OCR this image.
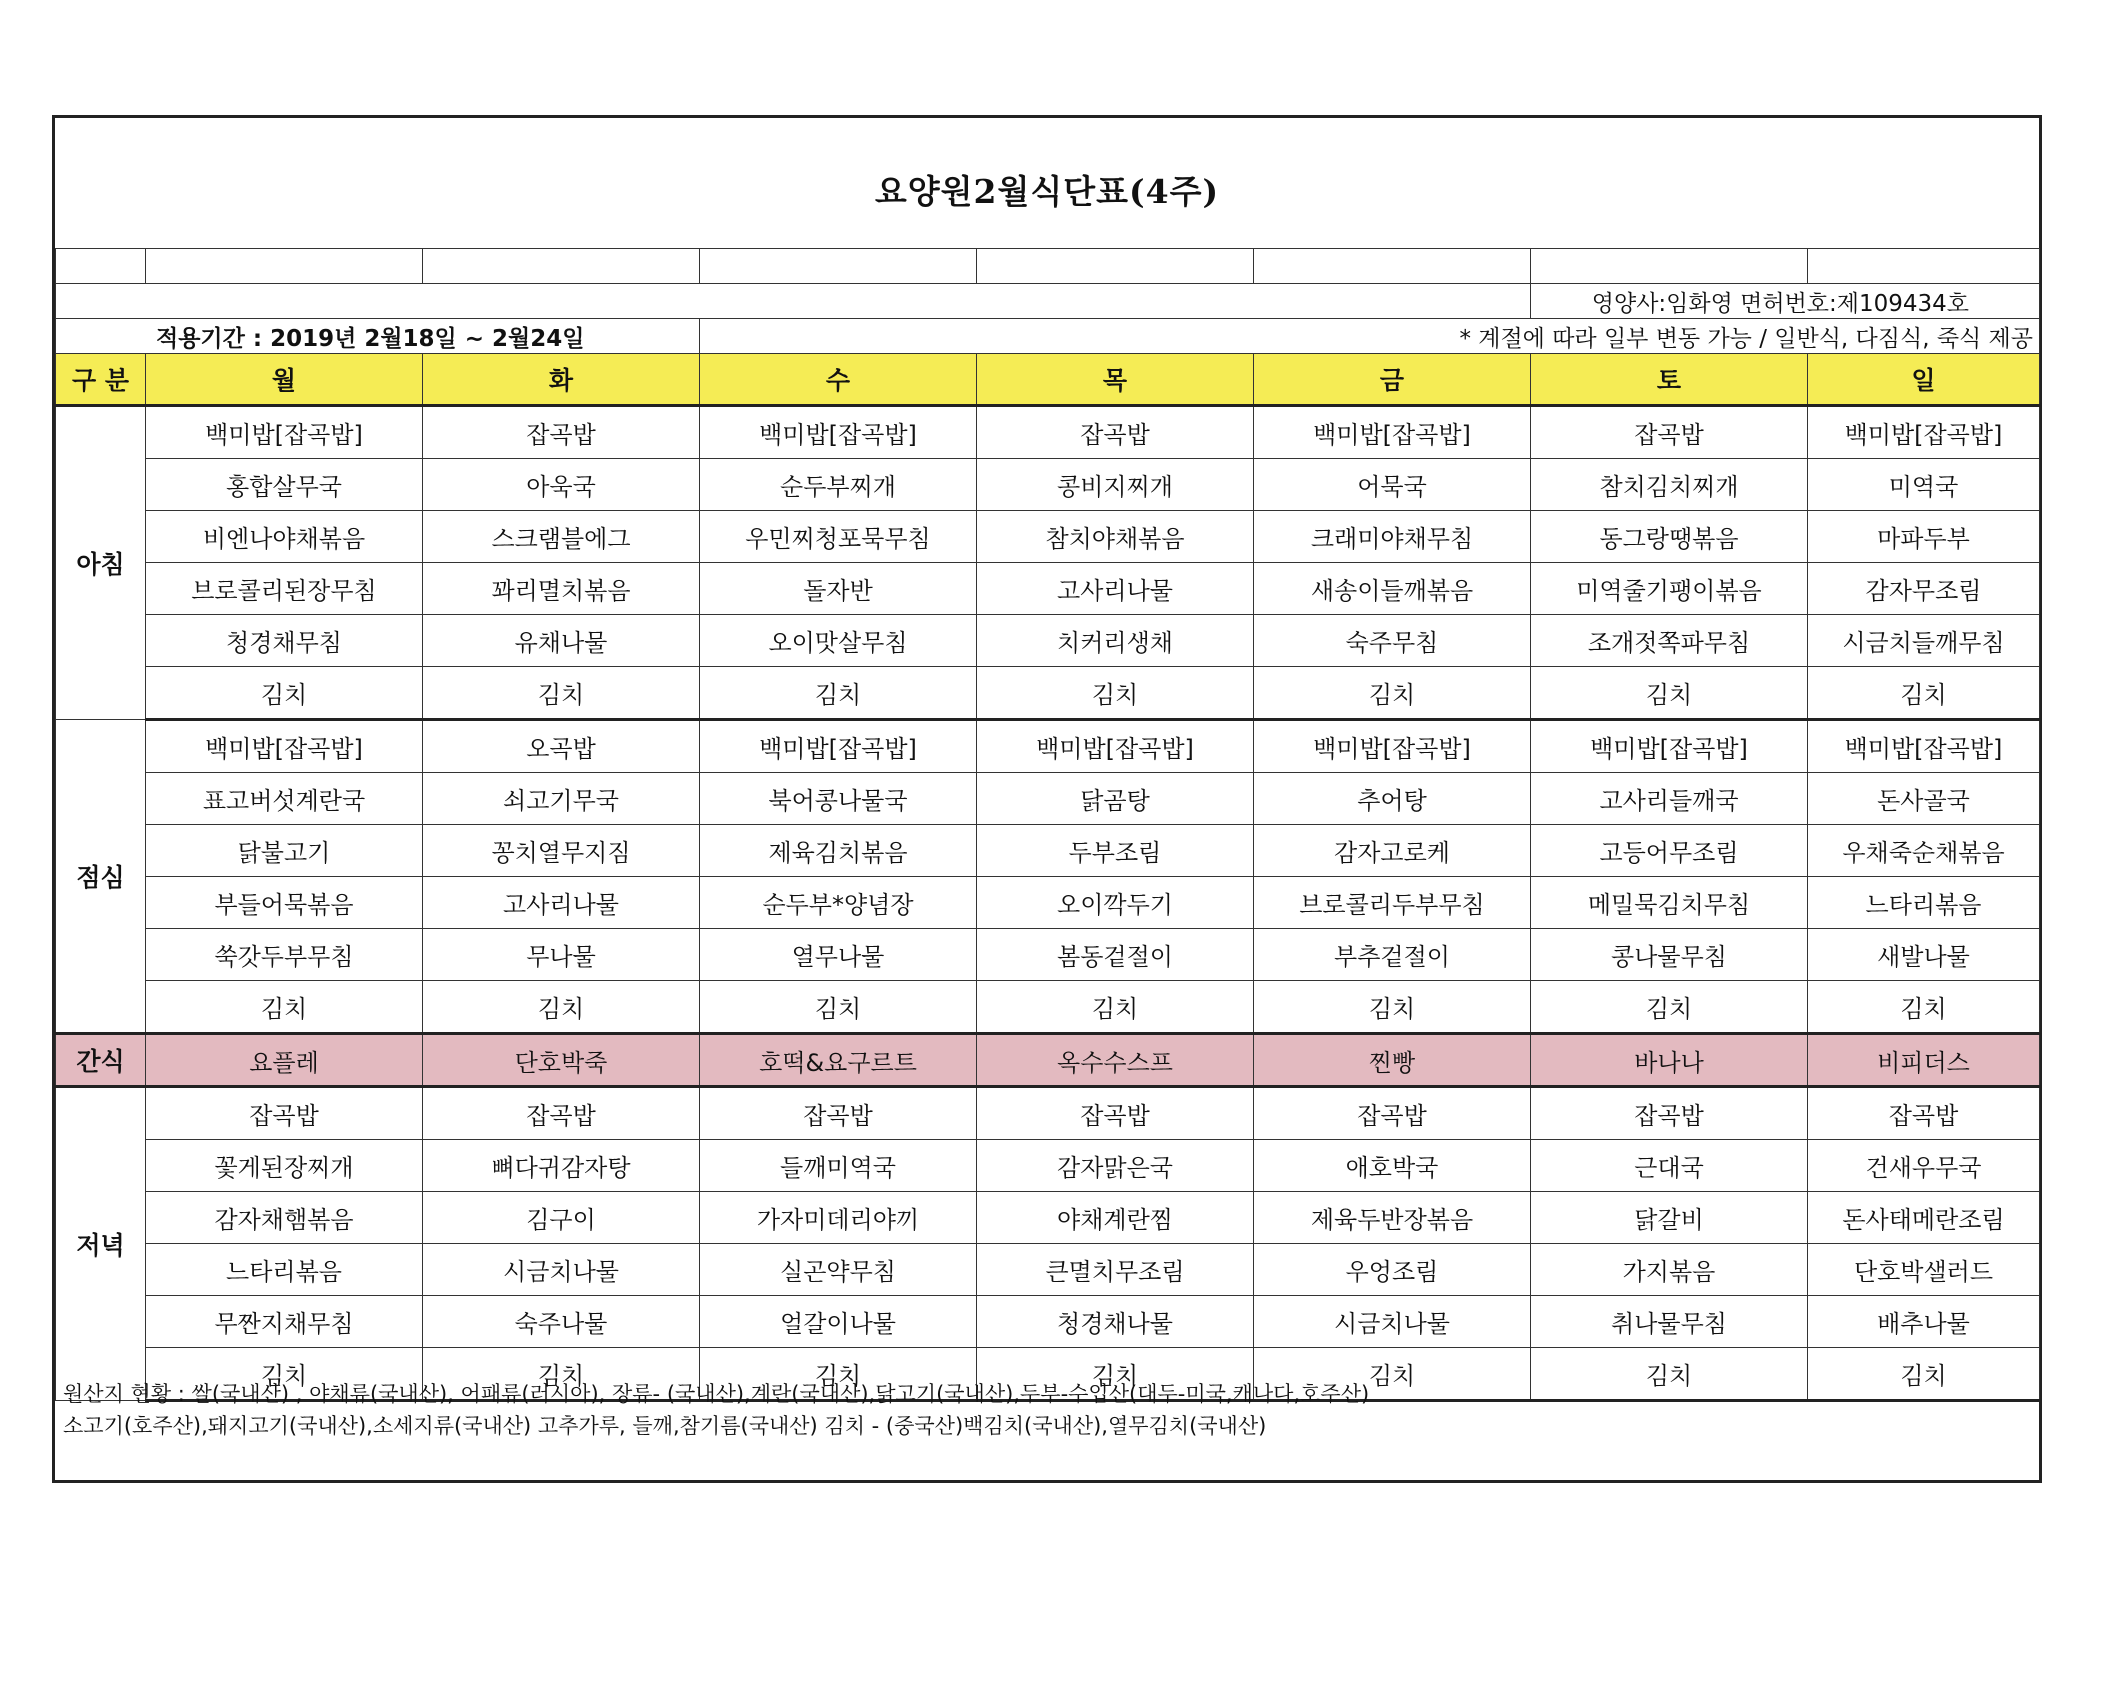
요양원2월식단표(4주)

						영양사:임화영 면허번호:제109434호	
적용기간 : 2019년 2월18일 ~ 2월24일			* 계절에 따라 일부 변동 가능 / 일반식, 다짐식, 죽식 제공				
구 분	월	화	수	목	금	토	일
아침	백미밥[잡곡밥]	잡곡밥	백미밥[잡곡밥]	잡곡밥	백미밥[잡곡밥]	잡곡밥	백미밥[잡곡밥]
	홍합살무국	아욱국	순두부찌개	콩비지찌개	어묵국	참치김치찌개	미역국
	비엔나야채볶음	스크램블에그	우민찌청포묵무침	참치야채볶음	크래미야채무침	동그랑땡볶음	마파두부
	브로콜리된장무침	꽈리멸치볶음	돌자반	고사리나물	새송이들깨볶음	미역줄기팽이볶음	감자무조림
	청경채무침	유채나물	오이맛살무침	치커리생채	숙주무침	조개젓쪽파무침	시금치들깨무침
	김치	김치	김치	김치	김치	김치	김치
점심	백미밥[잡곡밥]	오곡밥	백미밥[잡곡밥]	백미밥[잡곡밥]	백미밥[잡곡밥]	백미밥[잡곡밥]	백미밥[잡곡밥]
	표고버섯계란국	쇠고기무국	북어콩나물국	닭곰탕	추어탕	고사리들깨국	돈사골국
	닭불고기	꽁치열무지짐	제육김치볶음	두부조림	감자고로케	고등어무조림	우채죽순채볶음
	부들어묵볶음	고사리나물	순두부*양념장	오이깍두기	브로콜리두부무침	메밀묵김치무침	느타리볶음
	쑥갓두부무침	무나물	열무나물	봄동겉절이	부추겉절이	콩나물무침	새발나물
	김치	김치	김치	김치	김치	김치	김치
간식	요플레	단호박죽	호떡&요구르트	옥수수스프	찐빵	바나나	비피더스
저녁	잡곡밥	잡곡밥	잡곡밥	잡곡밥	잡곡밥	잡곡밥	잡곡밥
	꽃게된장찌개	뼈다귀감자탕	들깨미역국	감자맑은국	애호박국	근대국	건새우무국
	감자채햄볶음	김구이	가자미데리야끼	야채계란찜	제육두반장볶음	닭갈비	돈사태메란조림
	느타리볶음	시금치나물	실곤약무침	큰멸치무조림	우엉조림	가지볶음	단호박샐러드
	무짠지채무침	숙주나물	얼갈이나물	청경채나물	시금치나물	취나물무침	배추나물
	김치	김치	김치	김치	김치	김치	김치
원산지 현황 : 쌀(국내산) , 야채류(국내산), 어패류(러시아), 장류- (국내산),계란(국내산),닭고기(국내산),두부-수입산(대두-미국,캐나다,호주산)
소고기(호주산),돼지고기(국내산),소세지류(국내산) 고추가루, 들깨,참기름(국내산) 김치 - (중국산)백김치(국내산),열무김치(국내산)
